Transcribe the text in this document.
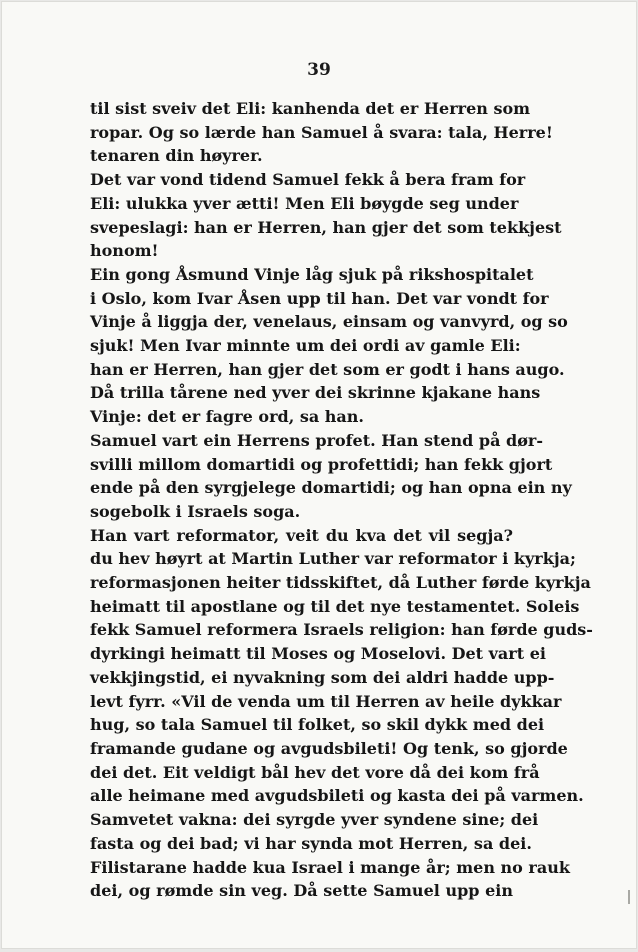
39
til sist sveiv det Eli: kanhenda det er Herren som
ropar. Og so lærde han Samuel å svara: tala, Herre!
tenaren din høyrer.
Det var vond tidend Samuel fekk å bera fram for
Eli: ulukka yver ætti! Men Eli bøygde seg under
svepeslagi: han er Herren, han gjer det som tekkjest
honom!
Ein gong Åsmund Vinje låg sjuk på rikshospitalet
i Oslo, kom Ivar Åsen upp til han. Det var vondt for
Vinje å liggja der, venelaus, einsam og vanvyrd, og so
sjuk! Men Ivar minnte um dei ordi av gamle Eli:
han er Herren, han gjer det som er godt i hans augo.
Då trilla tårene ned yver dei skrinne kjakane hans
Vinje: det er fagre ord, sa han.
Samuel vart ein Herrens profet. Han stend på dør-
svilli millom domartidi og profettidi; han fekk gjort
ende på den syrgjelege domartidi; og han opna ein ny
sogebolk i Israels soga.
Han vart reformator, veit du kva det vil segja?
du hev høyrt at Martin Luther var reformator i kyrkja;
reformasjonen heiter tidsskiftet, då Luther førde kyrkja
heimatt til apostlane og til det nye testamentet. Soleis
fekk Samuel reformera Israels religion: han førde guds-
dyrkingi heimatt til Moses og Moselovi. Det vart ei
vekkjingstid, ei nyvakning som dei aldri hadde upp-
levt fyrr. «Vil de venda um til Herren av heile dykkar
hug, so tala Samuel til folket, so skil dykk med dei
framande gudane og avgudsbileti! Og tenk, so gjorde
dei det. Eit veldigt bål hev det vore då dei kom frå
alle heimane med avgudsbileti og kasta dei på varmen.
Samvetet vakna: dei syrgde yver syndene sine; dei
fasta og dei bad; vi har synda mot Herren, sa dei.
Filistarane hadde kua Israel i mange år; men no rauk
dei, og rømde sin veg. Då sette Samuel upp ein
